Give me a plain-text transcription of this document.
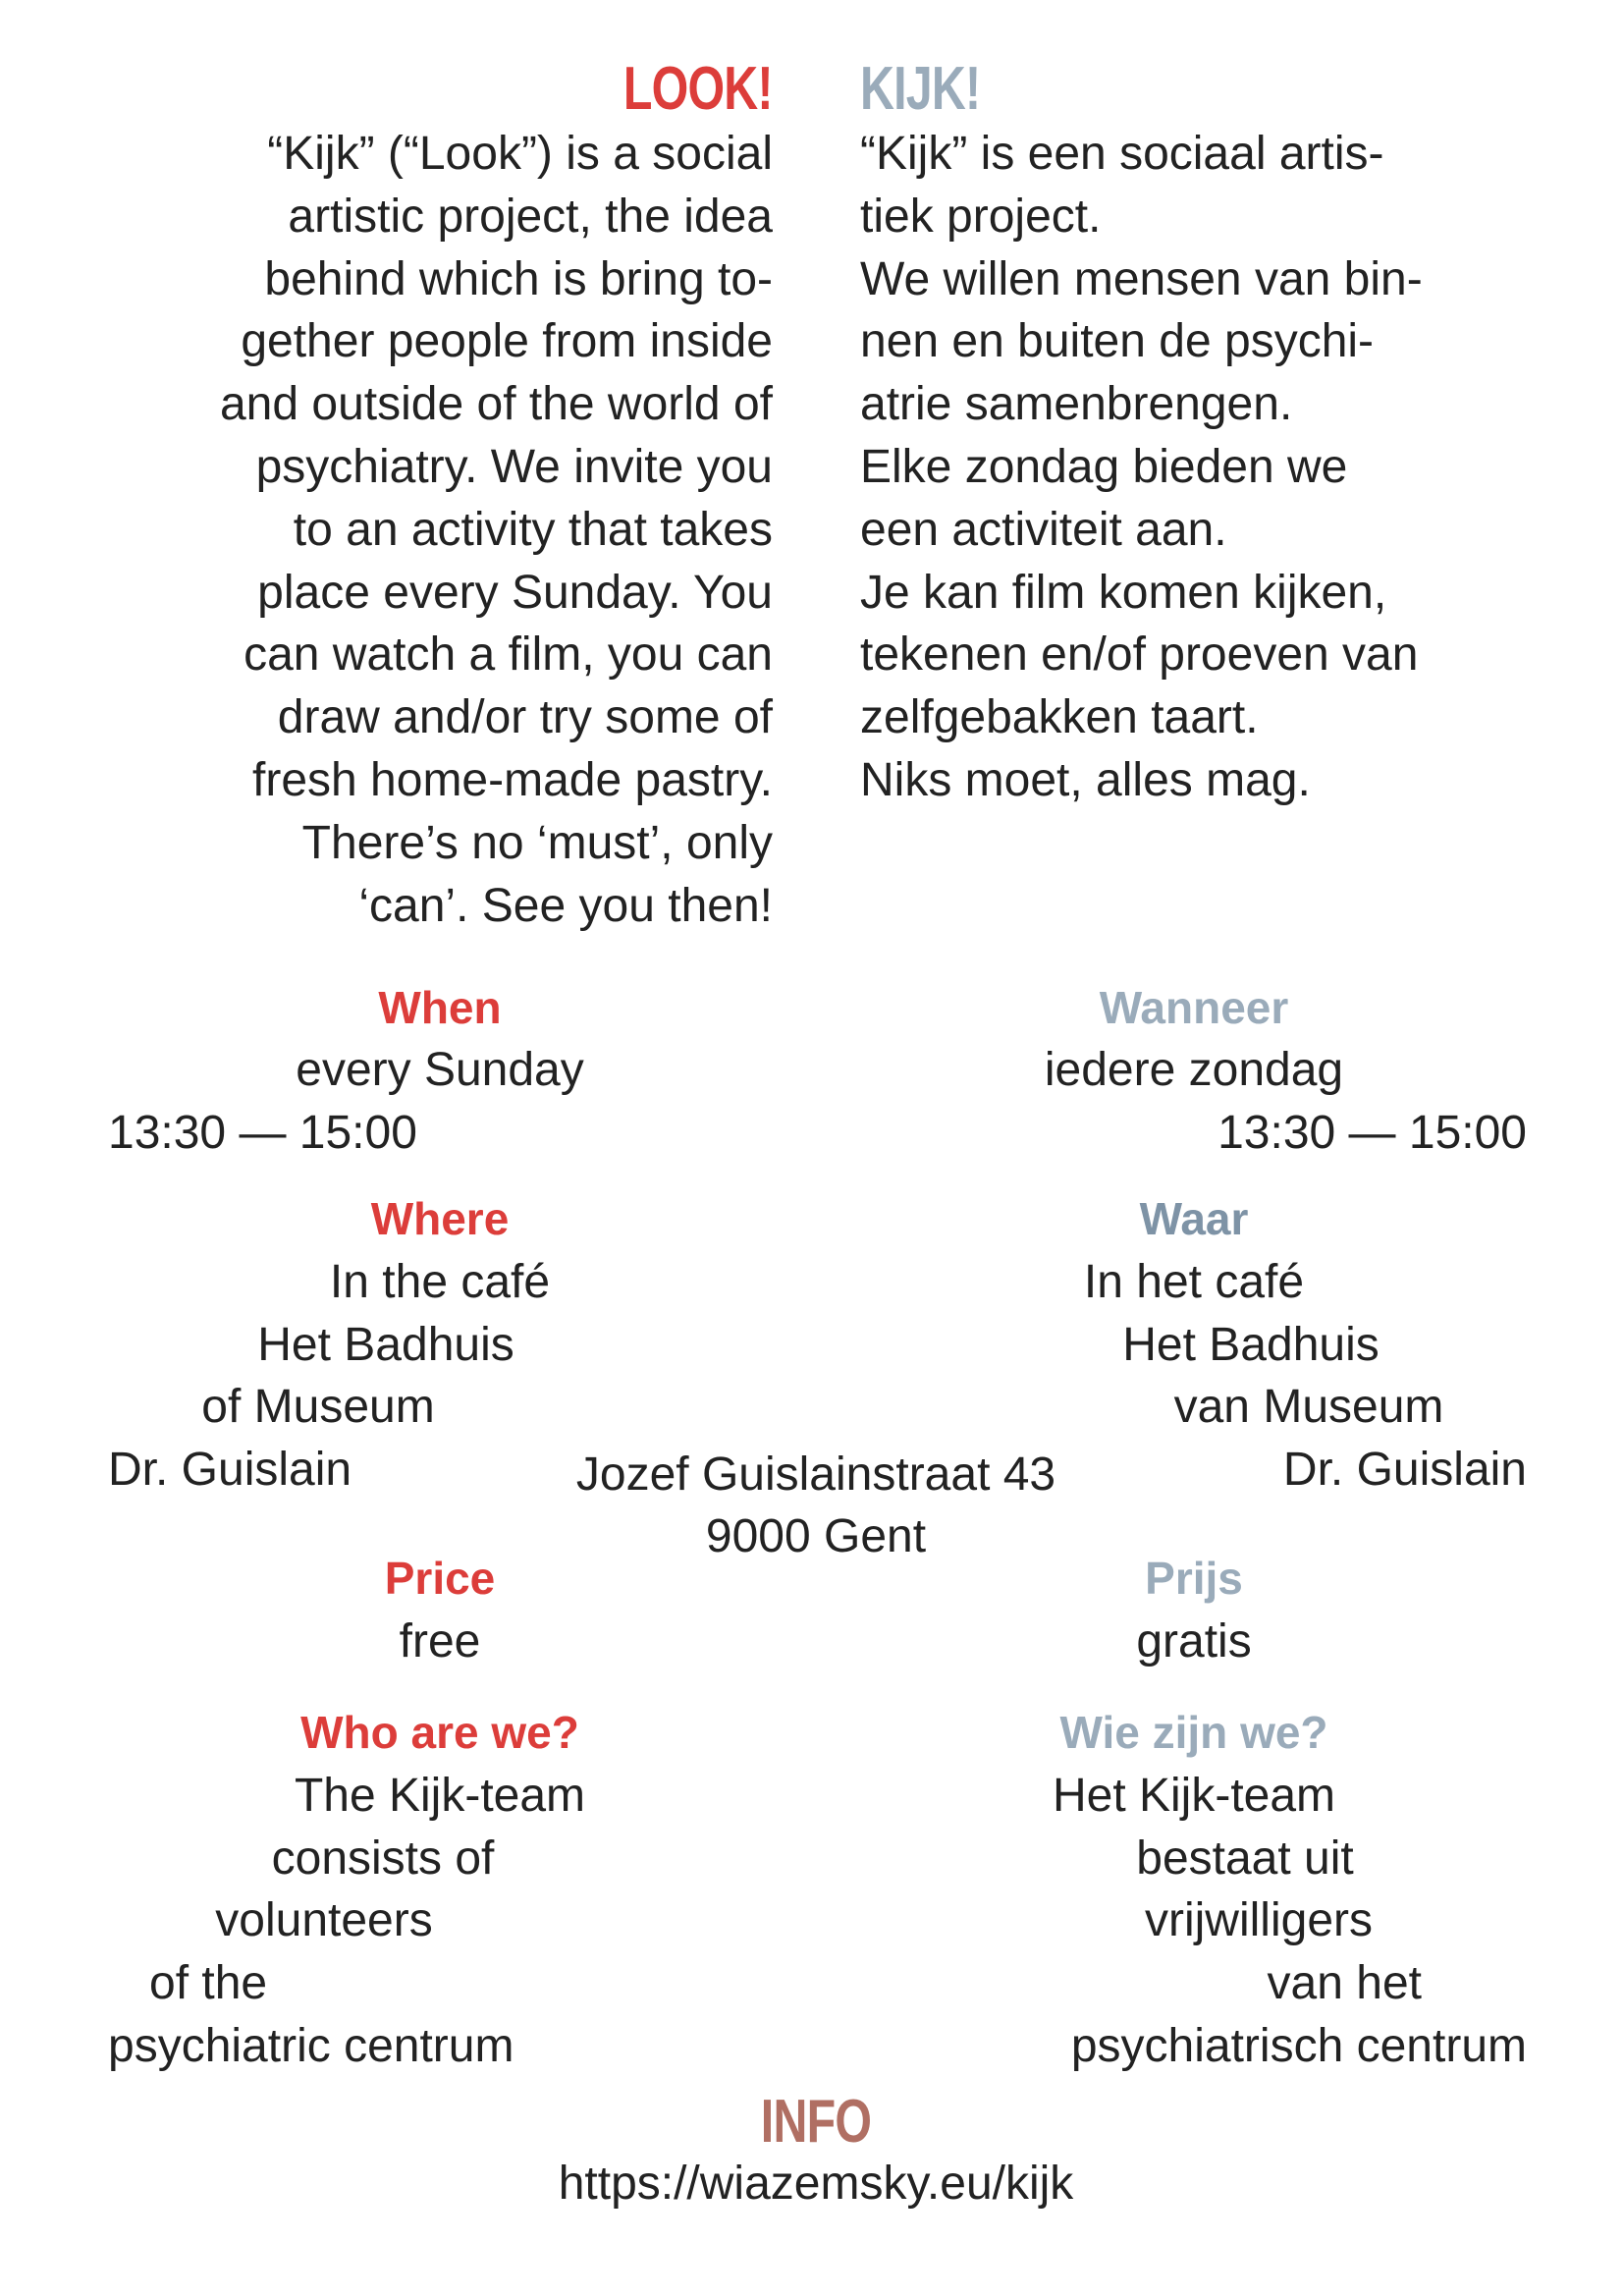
LOOK! KIJK!
“Kijk” (“Look”) is a social
artistic project, the idea
behind which is bring to-
gether people from inside
and outside of the world of
psychiatry. We invite you
to an activity that takes
place every Sunday. You
can watch a film, you can
draw and/or try some of
fresh home-made pastry.
There’s no ‘must’, only
‘can’. See you then!
“Kijk” is een sociaal artis-
tiek project.
We willen mensen van bin-
nen en buiten de psychi-
atrie samenbrengen.
Elke zondag bieden we
een activiteit aan.
Je kan film komen kijken,
tekenen en/of proeven van
zelfgebakken taart.
Niks moet, alles mag.
When
every Sunday
13:30 — 15:00
Wanneer
iedere zondag
13:30 — 15:00
Where
In the café
Het Badhuis
of Museum
Dr. Guislain
Waar
In het café
Het Badhuis
van Museum
Dr. Guislain
Jozef Guislainstraat 43
9000 Gent
Price
free
Prijs
gratis
Who are we?
The Kijk-team
consists of
volunteers
of the
psychiatric centrum
Wie zijn we?
Het Kijk-team
bestaat uit
vrijwilligers
van het
psychiatrisch centrum
INFO
https://wiazemsky.eu/kijk
